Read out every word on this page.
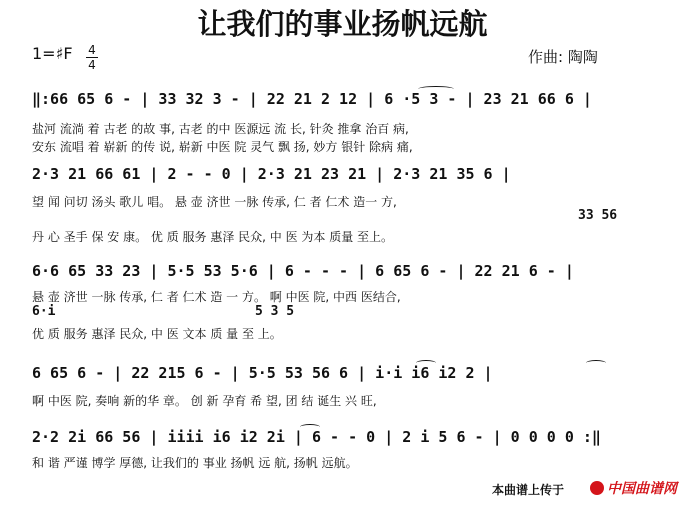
让我们的事业扬帆远航
1=♯F 4
4	作曲: 陶陶
‖:66 65 6 - | 33 32 3 - | 22 21 2 12 | 6 ·5 3 - | 23 21 66 6 |
盐河 流淌 着 古老 的故 事, 古老 的中 医源远 流 长, 针灸 推拿 治百 病,
安东 流唱 着 崭新 的传 说, 崭新 中医 院 灵气 飘 扬, 妙方 银针 除病 痛,
2·3 21 66 61 | 2 - - 0 | 2·3 21 23 21 | 2·3 21 35 6 |
望 闻 问切 汤头 歌儿 唱。 悬 壶 济世 一脉 传承, 仁 者 仁术 造一 方,
33 56
丹 心 圣手 保 安 康。 优 质 服务 惠泽 民众, 中 医 为本 质量 至上。
6·6 65 33 23 | 5·5 53 5·6 | 6 - - - | 6 65 6 - | 22 21 6 - |
悬 壶 济世 一脉 传承, 仁 者 仁术 造 一 方。 啊 中医 院, 中西 医结合,
6·i	5 3 5
优 质 服务 惠泽 民众, 中 医 文本 质 量 至 上。
6 65 6 - | 22 215 6 - | 5·5 53 56 6 | i·i i6 i2 2 |
啊 中医 院, 奏响 新的华 章。 创 新 孕育 希 望, 团 结 诞生 兴 旺,
2·2 2i 66 56 | iiii i6 i2 2i | 6 - - 0 | 2 i 5 6 - | 0 0 0 0 :‖
和 谐 严谨 博学 厚德, 让我们的 事业 扬帆 远 航, 扬帆 远航。
本曲谱上传于	中国曲谱网
